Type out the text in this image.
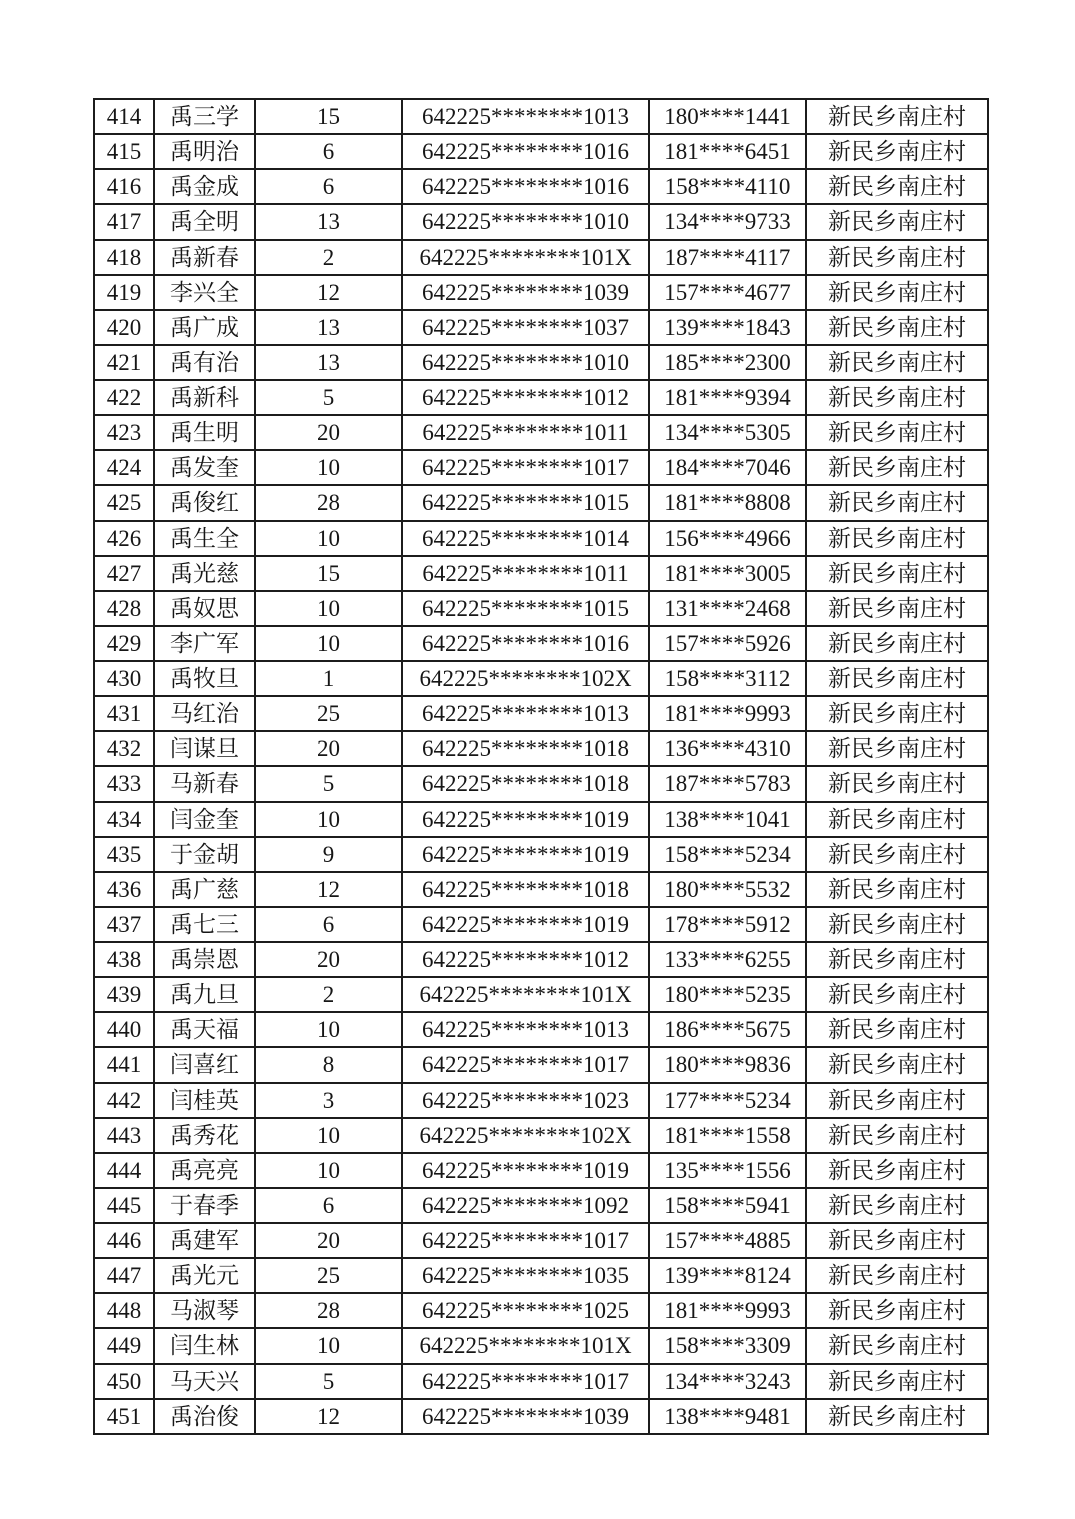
414	禹三学	15	642225********1013	180****1441	新民乡南庄村
415	禹明治	6	642225********1016	181****6451	新民乡南庄村
416	禹金成	6	642225********1016	158****4110	新民乡南庄村
417	禹全明	13	642225********1010	134****9733	新民乡南庄村
418	禹新春	2	642225********101X	187****4117	新民乡南庄村
419	李兴全	12	642225********1039	157****4677	新民乡南庄村
420	禹广成	13	642225********1037	139****1843	新民乡南庄村
421	禹有治	13	642225********1010	185****2300	新民乡南庄村
422	禹新科	5	642225********1012	181****9394	新民乡南庄村
423	禹生明	20	642225********1011	134****5305	新民乡南庄村
424	禹发奎	10	642225********1017	184****7046	新民乡南庄村
425	禹俊红	28	642225********1015	181****8808	新民乡南庄村
426	禹生全	10	642225********1014	156****4966	新民乡南庄村
427	禹光慈	15	642225********1011	181****3005	新民乡南庄村
428	禹奴思	10	642225********1015	131****2468	新民乡南庄村
429	李广军	10	642225********1016	157****5926	新民乡南庄村
430	禹牧旦	1	642225********102X	158****3112	新民乡南庄村
431	马红治	25	642225********1013	181****9993	新民乡南庄村
432	闫谋旦	20	642225********1018	136****4310	新民乡南庄村
433	马新春	5	642225********1018	187****5783	新民乡南庄村
434	闫金奎	10	642225********1019	138****1041	新民乡南庄村
435	于金胡	9	642225********1019	158****5234	新民乡南庄村
436	禹广慈	12	642225********1018	180****5532	新民乡南庄村
437	禹七三	6	642225********1019	178****5912	新民乡南庄村
438	禹崇恩	20	642225********1012	133****6255	新民乡南庄村
439	禹九旦	2	642225********101X	180****5235	新民乡南庄村
440	禹天福	10	642225********1013	186****5675	新民乡南庄村
441	闫喜红	8	642225********1017	180****9836	新民乡南庄村
442	闫桂英	3	642225********1023	177****5234	新民乡南庄村
443	禹秀花	10	642225********102X	181****1558	新民乡南庄村
444	禹亮亮	10	642225********1019	135****1556	新民乡南庄村
445	于春季	6	642225********1092	158****5941	新民乡南庄村
446	禹建军	20	642225********1017	157****4885	新民乡南庄村
447	禹光元	25	642225********1035	139****8124	新民乡南庄村
448	马淑琴	28	642225********1025	181****9993	新民乡南庄村
449	闫生林	10	642225********101X	158****3309	新民乡南庄村
450	马天兴	5	642225********1017	134****3243	新民乡南庄村
451	禹治俊	12	642225********1039	138****9481	新民乡南庄村
